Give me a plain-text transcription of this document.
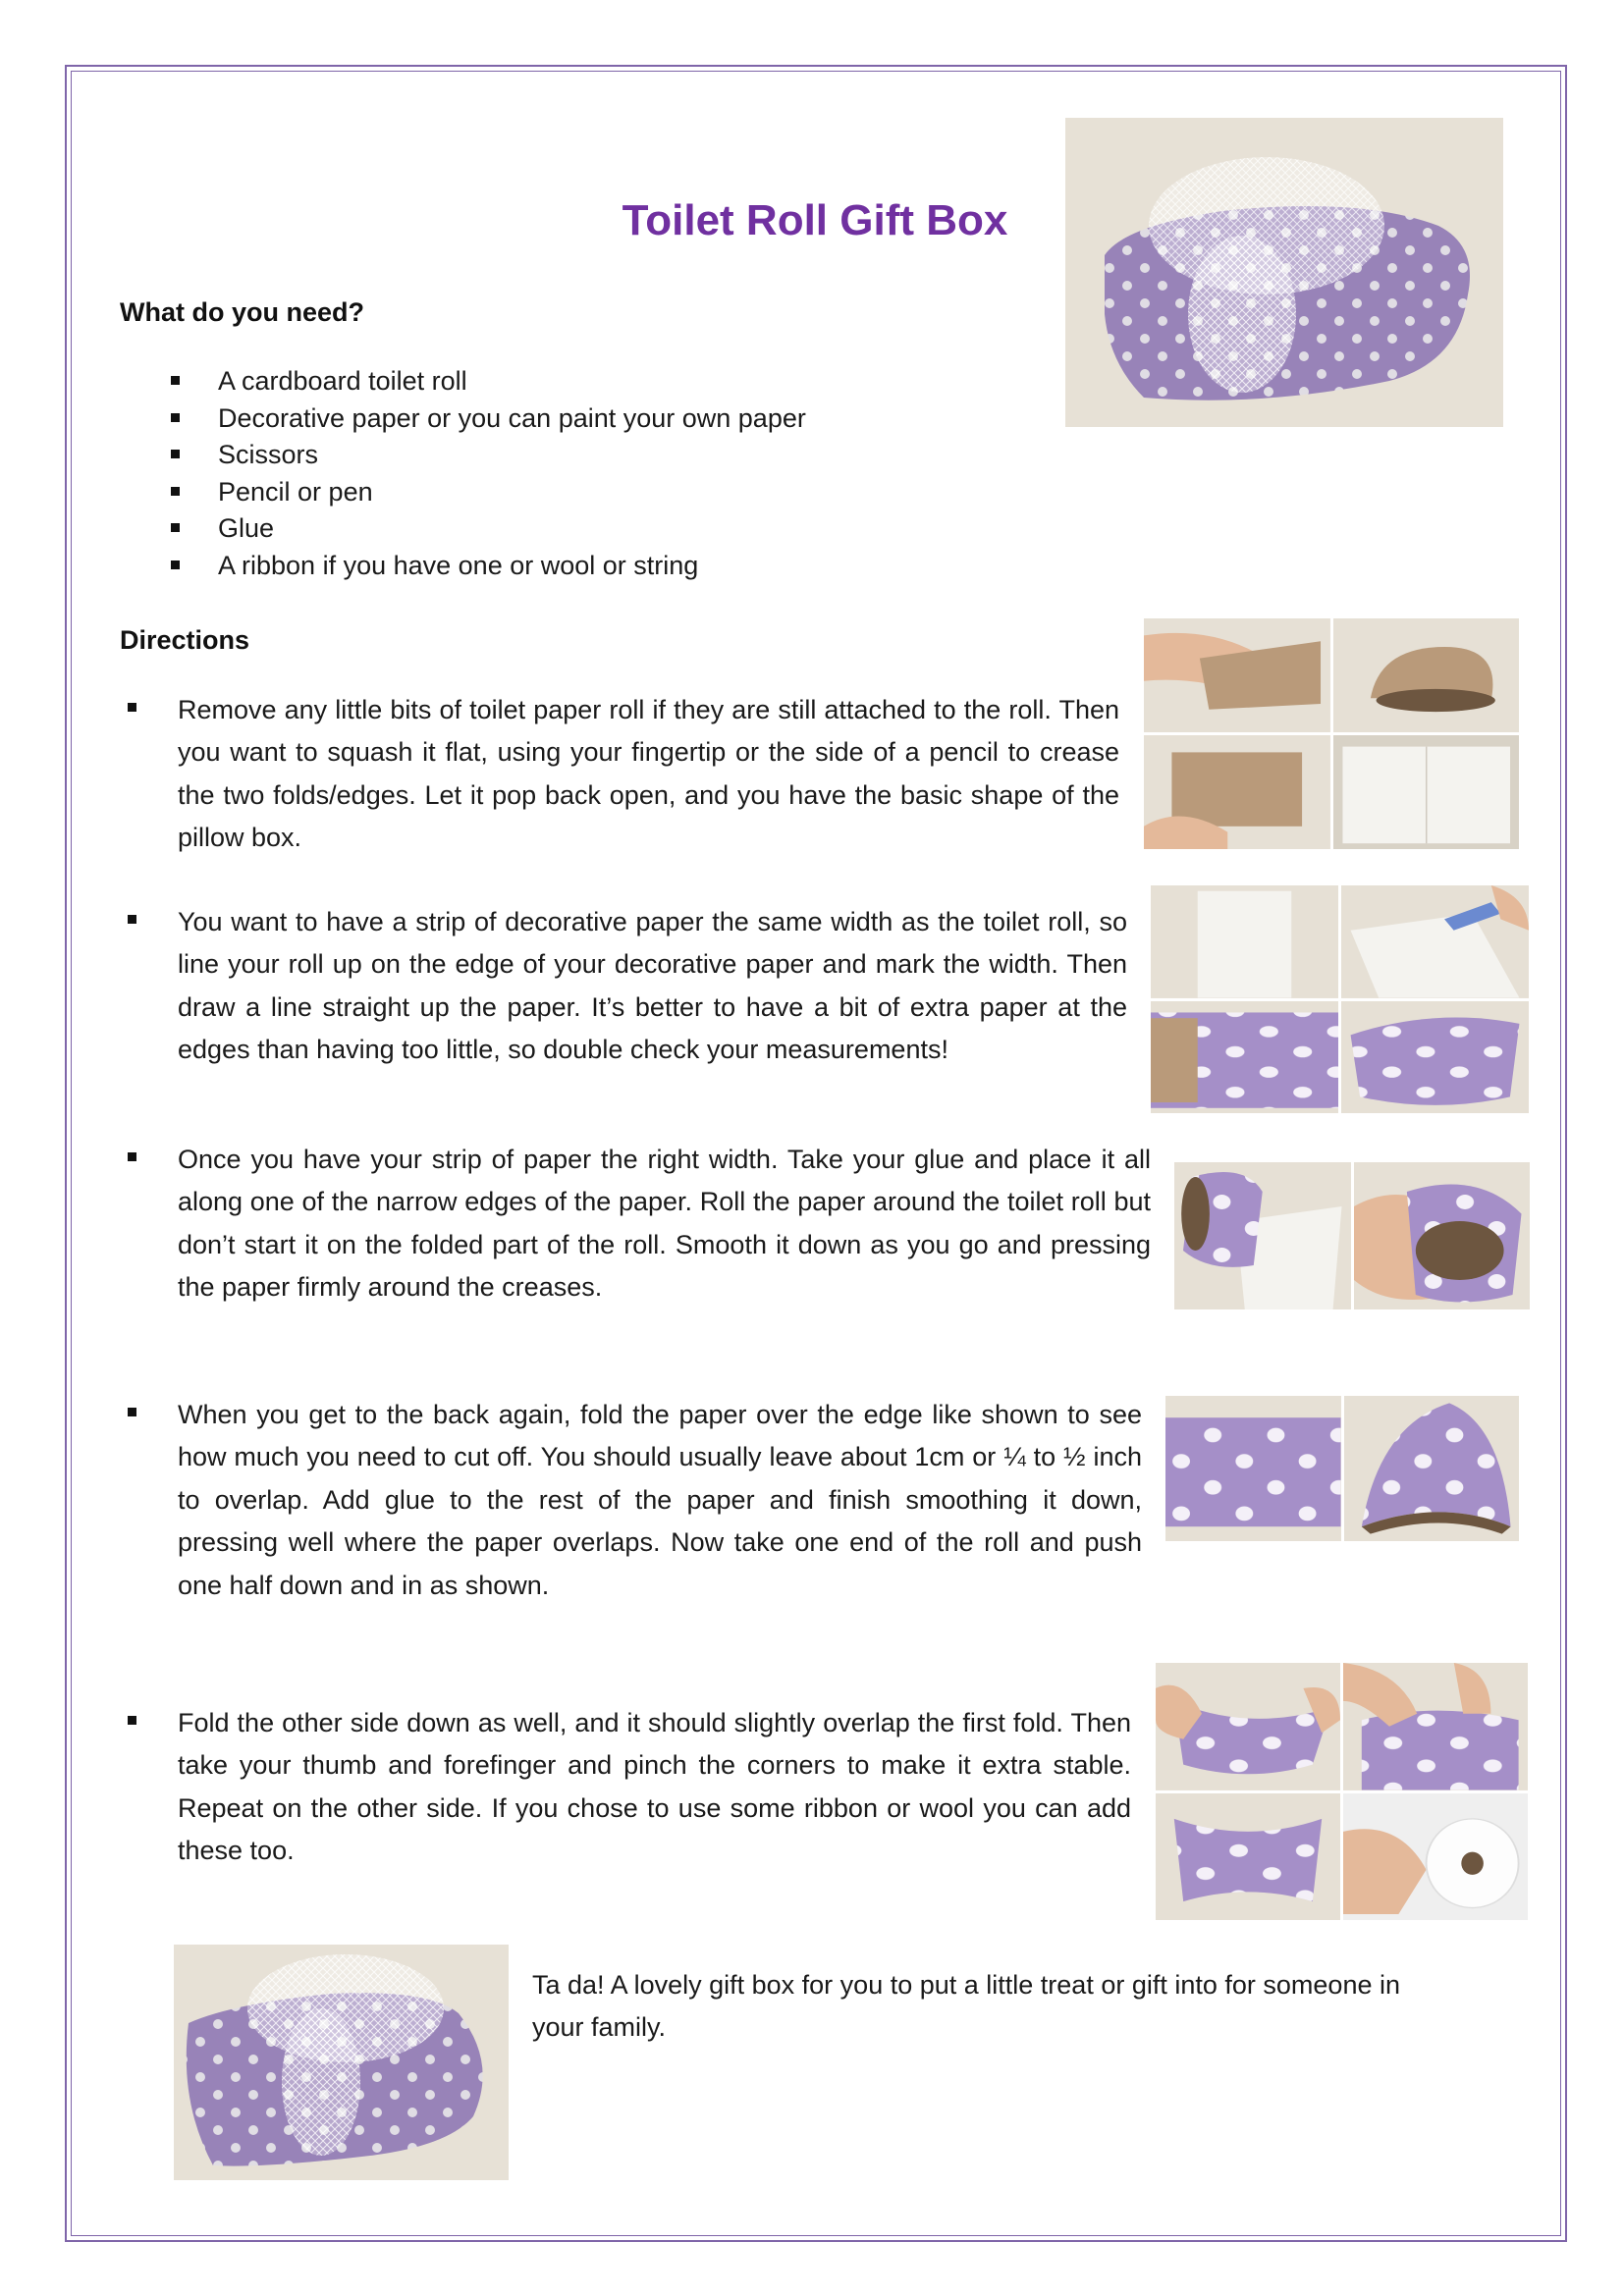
Toilet Roll Gift Box
What do you need?
A cardboard toilet roll
Decorative paper or you can paint your own paper
Scissors
Pencil or pen
Glue
A ribbon if you have one or wool or string
Directions

Remove any little bits of toilet paper roll if they are still attached to the roll. Then you want to squash it flat, using your fingertip or the side of a pencil to crease the two folds/edges. Let it pop back open, and you have the basic shape of the pillow box.

You want to have a strip of decorative paper the same width as the toilet roll, so line your roll up on the edge of your decorative paper and mark the width. Then draw a line straight up the paper. It’s better to have a bit of extra paper at the edges than having too little, so double check your measurements!

Once you have your strip of paper the right width. Take your glue and place it all along one of the narrow edges of the paper. Roll the paper around the toilet roll but don’t start it on the folded part of the roll. Smooth it down as you go and pressing the paper firmly around the creases.

When you get to the back again, fold the paper over the edge like shown to see how much you need to cut off. You should usually leave about 1cm or ¼ to ½ inch to overlap. Add glue to the rest of the paper and finish smoothing it down, pressing well where the paper overlaps. Now take one end of the roll and push one half down and in as shown.

Fold the other side down as well, and it should slightly overlap the first fold. Then take your thumb and forefinger and pinch the corners to make it extra stable. Repeat on the other side. If you chose to use some ribbon or wool you can add these too.

Ta da! A lovely gift box for you to put a little treat or gift into for someone in your family.
